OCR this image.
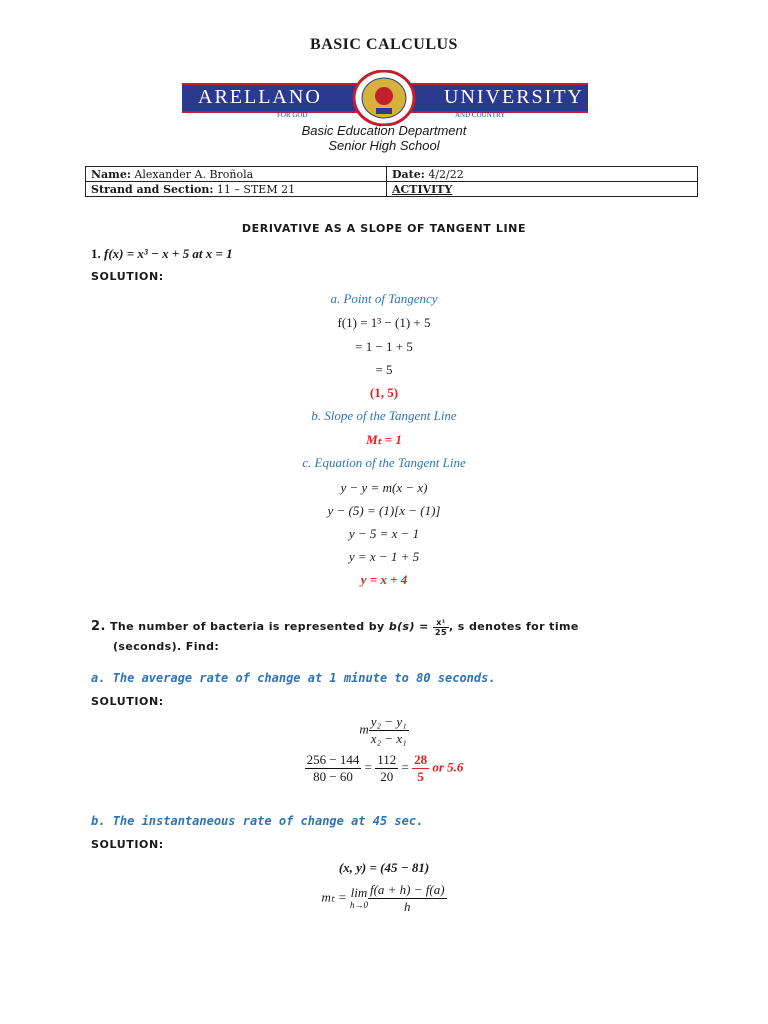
BASIC CALCULUS
ARELLANO	UNIVERSITY
FOR GOD	AND COUNTRY
Basic Education Department
Senior High School
Name: Alexander A. Broñola	Date: 4/2/22
Strand and Section: 11 – STEM 21	ACTIVITY
DERIVATIVE AS A SLOPE OF TANGENT LINE
1. f(x) = x³ − x + 5 at x = 1
SOLUTION:
a. Point of Tangency
f(1) = 1³ − (1) + 5
= 1 − 1 + 5
= 5
(1, 5)
b. Slope of the Tangent Line
Mₜ = 1
c. Equation of the Tangent Line
y − y = m(x − x)
y − (5) = (1)[x − (1)]
y − 5 = x − 1
y = x − 1 + 5
y = x + 4
2. The number of bacteria is represented by $b(s) = \frac{\text{x¹}}{25}$ , s denotes for time
(seconds). Find:
a. The average rate of change at 1 minute to 80 seconds.
SOLUTION:
m $\frac{\text{y₂ − y₁}}{\text{x₂ − x₁}}$
$\frac{256 - 144}{80 - 60} = \frac{112}{20} = \frac{28}{5}$ or 5.6
b. The instantaneous rate of change at 45 sec.
SOLUTION:
(x, y) = (45 − 81)
mₜ = lim
$h\to 0 \frac{f(a + h) - f(a)}{h}$
